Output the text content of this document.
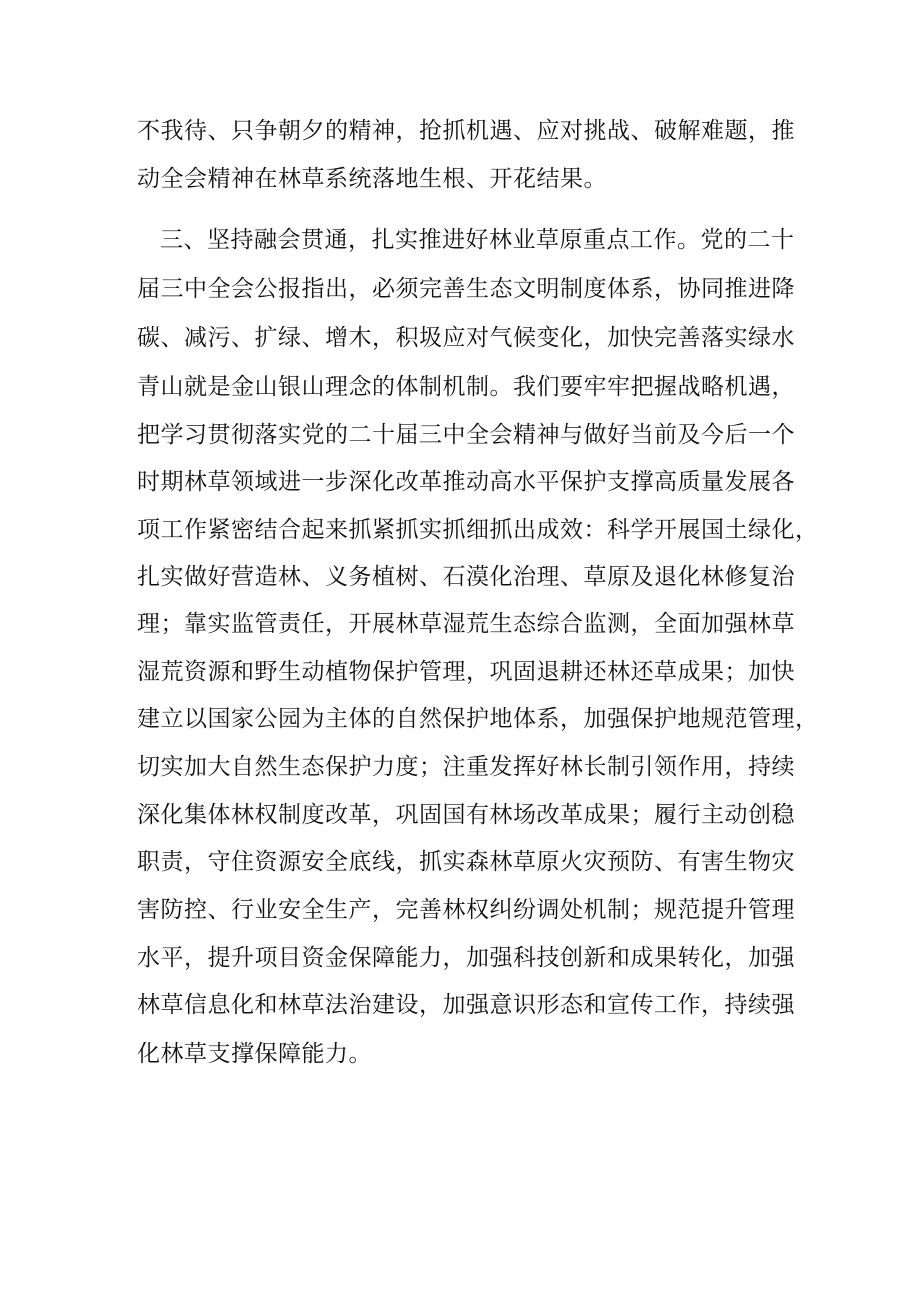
不我待、只争朝夕的精神，抢抓机遇、应对挑战、破解难题，推
动全会精神在林草系统落地生根、开花结果。
三、坚持融会贯通，扎实推进好林业草原重点工作。党的二十
届三中全会公报指出，必须完善生态文明制度体系，协同推进降
碳、减污、扩绿、增木，积圾应对气候变化，加快完善落实绿水
青山就是金山银山理念的体制机制。我们要牢牢把握战略机遇，
把学习贯彻落实党的二十届三中全会精神与做好当前及今后一个
时期林草领域进一步深化改革推动高水平保护支撑高质量发展各
项工作紧密结合起来抓紧抓实抓细抓出成效：科学开展国土绿化，
扎实做好营造林、义务植树、石漠化治理、草原及退化林修复治
理；靠实监管责任，开展林草湿荒生态综合监测，全面加强林草
湿荒资源和野生动植物保护管理，巩固退耕还林还草成果；加快
建立以国家公园为主体的自然保护地体系，加强保护地规范管理，
切实加大自然生态保护力度；注重发挥好林长制引领作用，持续
深化集体林权制度改革，巩固国有林场改革成果；履行主动创稳
职责，守住资源安全底线，抓实森林草原火灾预防、有害生物灾
害防控、行业安全生产，完善林权纠纷调处机制；规范提升管理
水平，提升项目资金保障能力，加强科技创新和成果转化，加强
林草信息化和林草法治建设，加强意识形态和宣传工作，持续强
化林草支撑保障能力。
